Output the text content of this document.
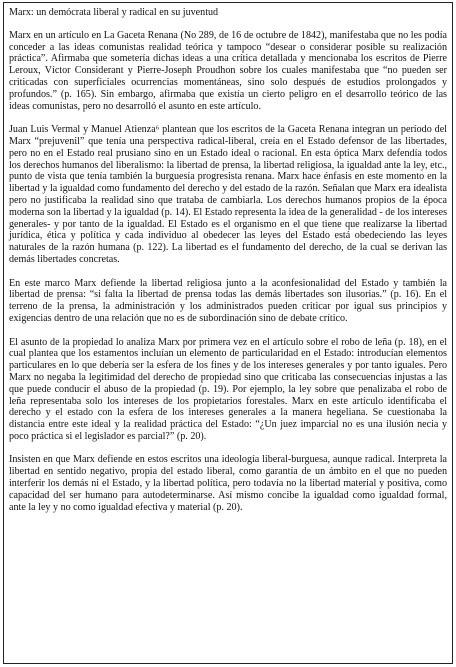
Marx: un demócrata liberal y radical en su juventud

Marx en un artículo en La Gaceta Renana (No 289, de 16 de octubre de 1842), manifestaba que no les podía conceder a las ideas comunistas realidad teórica y tampoco “desear o considerar posible su realización práctica”. Afirmaba que sometería dichas ideas a una crítica detallada y mencionaba los escritos de Pierre Leroux, Víctor Considerant y Pierre-Joseph Proudhon sobre los cuales manifestaba que “no pueden ser criticadas con superficiales ocurrencias momentáneas, sino solo después de estudios prolongados y profundos.” (p. 165). Sin embargo, afirmaba que existía un cierto peligro en el desarrollo teórico de las ideas comunistas, pero no desarrolló el asunto en este artículo.

Juan Luis Vermal y Manuel Atienza⁶ plantean que los escritos de la Gaceta Renana integran un período del Marx “prejuvenil” que tenía una perspectiva radical-liberal, creía en el Estado defensor de las libertades, pero no en el Estado real prusiano sino en un Estado ideal o racional. En esta óptica Marx defendía todos los derechos humanos del liberalismo: la libertad de prensa, la libertad religiosa, la igualdad ante la ley, etc., punto de vista que tenía también la burguesía progresista renana. Marx hace énfasis en este momento en la libertad y la igualdad como fundamento del derecho y del estado de la razón. Señalan que Marx era idealista pero no justificaba la realidad sino que trataba de cambiarla. Los derechos humanos propios de la época moderna son la libertad y la igualdad (p. 14). El Estado representa la idea de la generalidad - de los intereses generales- y por tanto de la igualdad. El Estado es el organismo en el que tiene que realizarse la libertad jurídica, ética y política y cada individuo al obedecer las leyes del Estado está obedeciendo las leyes naturales de la razón humana (p. 122). La libertad es el fundamento del derecho, de la cual se derivan las demás libertades concretas.

En este marco Marx defiende la libertad religiosa junto a la aconfesionalidad del Estado y también la libertad de prensa: “si falta la libertad de prensa todas las demás libertades son ilusorias.” (p. 16). En el terreno de la prensa, la administración y los administrados pueden criticar por igual sus principios y exigencias dentro de una relación que no es de subordinación sino de debate crítico.

El asunto de la propiedad lo analiza Marx por primera vez en el artículo sobre el robo de leña (p. 18), en el cual plantea que los estamentos incluían un elemento de particularidad en el Estado: introducían elementos particulares en lo que debería ser la esfera de los fines y de los intereses generales y por tanto iguales. Pero Marx no negaba la legitimidad del derecho de propiedad sino que criticaba las consecuencias injustas a las que puede conducir el abuso de la propiedad (p. 19). Por ejemplo, la ley sobre que penalizaba el robo de leña representaba solo los intereses de los propietarios forestales. Marx en este artículo identificaba el derecho y el estado con la esfera de los intereses generales a la manera hegeliana. Se cuestionaba la distancia entre este ideal y la realidad práctica del Estado: “¿Un juez imparcial no es una ilusión necia y poco práctica si el legislador es parcial?” (p. 20).

Insisten en que Marx defiende en estos escritos una ideología liberal-burguesa, aunque radical. Interpreta la libertad en sentido negativo, propia del estado liberal, como garantía de un ámbito en el que no pueden interferir los demás ni el Estado, y la libertad política, pero todavía no la libertad material y positiva, como capacidad del ser humano para autodeterminarse. Así mismo concibe la igualdad como igualdad formal, ante la ley y no como igualdad efectiva y material (p. 20).
